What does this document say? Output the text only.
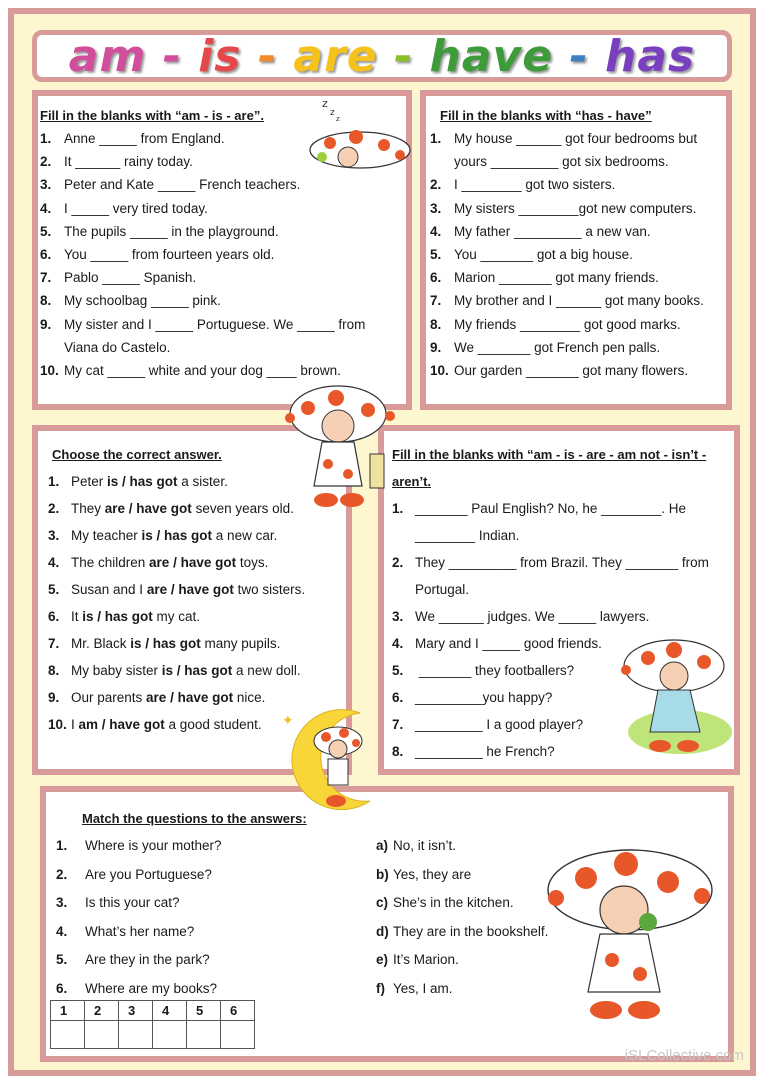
am - is - are - have - has
Fill in the blanks with “am - is - are”.
1. Anne _____ from England.
2. It ______ rainy today.
3. Peter and Kate _____ French teachers.
4. I _____ very tired today.
5. The pupils _____ in the playground.
6. You _____ from fourteen years old.
7. Pablo _____ Spanish.
8. My schoolbag _____ pink.
9. My sister and I _____ Portuguese. We _____ from
Viana do Castelo.
10. My cat _____ white and your dog ____ brown.
Fill in the blanks with “has - have”
1. My house ______ got four bedrooms but
yours _________ got six bedrooms.
2. I ________ got two sisters.
3. My sisters ________got new computers.
4. My father _________ a new van.
5. You _______ got a big house.
6. Marion _______ got many friends.
7. My brother and I ______ got many books.
8. My friends ________ got good marks.
9. We _______ got French pen palls.
10. Our garden _______ got many flowers.
Choose the correct answer.
1. Peter is / has got a sister.
2. They are / have got seven years old.
3. My teacher is / has got a new car.
4. The children are / have got toys.
5. Susan and I are / have got two sisters.
6. It is / has got my cat.
7. Mr. Black is / has got many pupils.
8. My baby sister is / has got a new doll.
9. Our parents are / have got nice.
10. I am / have got a good student.
Fill in the blanks with “am - is - are - am not - isn’t -
aren’t.
1. _______ Paul English? No, he ________. He
________ Indian.
2. They _________ from Brazil. They _______ from
Portugal.
3. We ______ judges. We _____ lawyers.
4. Mary and I _____ good friends.
5. _______ they footballers?
6. _________you happy?
7. _________ I a good player?
8. _________ he French?
Match the questions to the answers:
1. Where is your mother?
2. Are you Portuguese?
3. Is this your cat?
4. What’s her name?
5. Are they in the park?
6. Where are my books?
a) No, it isn’t.
b) Yes, they are
c) She’s in the kitchen.
d) They are in the bookshelf.
e) It’s Marion.
f) Yes, I am.
1	2	3	4	5	6

z
z
z
✦
iSLCollective.com
